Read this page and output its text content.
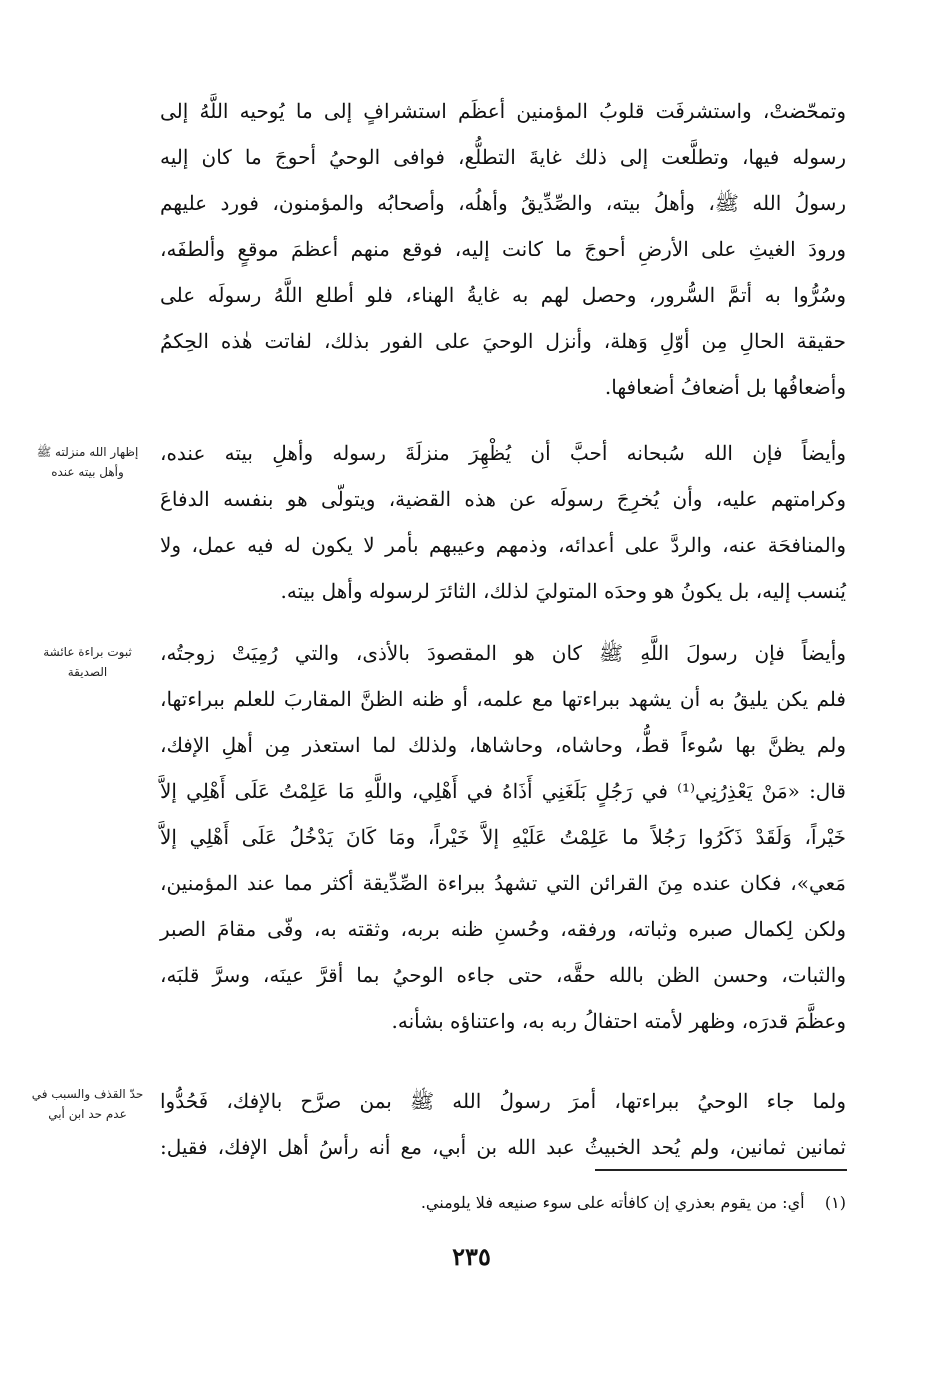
وتمحّضتْ، واستشرفَت قلوبُ المؤمنين أعظَم استشرافٍ إلى ما يُوحيه اللَّهُ إلى
رسوله فيها، وتطلَّعت إلى ذلك غايةَ التطلُّع، فوافى الوحيُ أحوجَ ما كان إليه
رسولُ الله ﷺ، وأهلُ بيته، والصِّدِّيقُ وأهلُه، وأصحابُه والمؤمنون، فورد عليهم
ورودَ الغيثِ على الأرضِ أحوجَ ما كانت إليه، فوقع منهم أعظمَ موقعٍ وألطفَه،
وسُرُّوا به أتمَّ السُّرور، وحصل لهم به غايةُ الهناء، فلو أطلع اللَّهُ رسولَه على
حقيقة الحالِ مِن أوّلِ وَهلة، وأنزل الوحيَ على الفور بذلك، لفاتت هٰذه الحِكمُ
وأضعافُها بل أضعافُ أضعافها.
إظهار الله منزلته ﷺ
وأهل بيته عنده
وأيضاً فإن الله سُبحانه أحبَّ أن يُظْهِرَ منزلَةَ رسوله وأهلِ بيته عنده،
وكرامتهم عليه، وأن يُخرِجَ رسولَه عن هذه القضية، ويتولّى هو بنفسه الدفاعَ
والمنافحَة عنه، والردَّ على أعدائه، وذمهم وعيبهم بأمر لا يكون له فيه عمل، ولا
يُنسب إليه، بل يكونُ هو وحدَه المتوليَ لذلك، الثائرَ لرسوله وأهل بيته.
ثبوت براءة عائشة
الصديقة
وأيضاً فإن رسولَ اللَّهِ ﷺ كان هو المقصودَ بالأذى، والتي رُمِيَتْ زوجتُه،
فلم يكن يليقُ به أن يشهد ببراءتها مع علمه، أو ظنه الظنَّ المقاربَ للعلم ببراءتها،
ولم يظنَّ بها سُوءاً قطُّ، وحاشاه، وحاشاها، ولذلك لما استعذر مِن أهلِ الإفك،
قال: «مَنْ يَعْذِرُنِي⁽¹⁾ في رَجُلٍ بَلَغَنِي أَذَاهُ في أَهْلِي، واللَّهِ مَا عَلِمْتُ عَلَى أَهْلِي إلاَّ
خَيْراً، وَلَقَدْ ذَكَرُوا رَجُلاً ما عَلِمْتُ عَلَيْهِ إلاَّ خَيْراً، ومَا كَانَ يَدْخُلُ عَلَى أَهْلِي إلاَّ
مَعي»، فكان عنده مِنَ القرائن التي تشهدُ ببراءة الصِّدِّيقة أكثر مما عند المؤمنين،
ولكن لِكمال صبره وثباته، ورفقه، وحُسنِ ظنه بربه، وثقته به، وفّى مقامَ الصبر
والثبات، وحسن الظن بالله حقَّه، حتى جاءه الوحيُ بما أقرَّ عينَه، وسرَّ قلبَه،
وعظَّمَ قدرَه، وظهر لأمته احتفالُ ربه به، واعتناؤه بشأنه.
حدّ القذف والسبب في
عدم حد ابن أبي
ولما جاء الوحيُ ببراءتها، أمرَ رسولُ الله ﷺ بمن صرَّح بالإفك، فَحُدُّوا
ثمانين ثمانين، ولم يُحد الخبيثُ عبد الله بن أبي، مع أنه رأسُ أهل الإفك، فقيل:
(١)    أي: من يقوم بعذري إن كافأته على سوء صنيعه فلا يلومني.
٢٣٥
